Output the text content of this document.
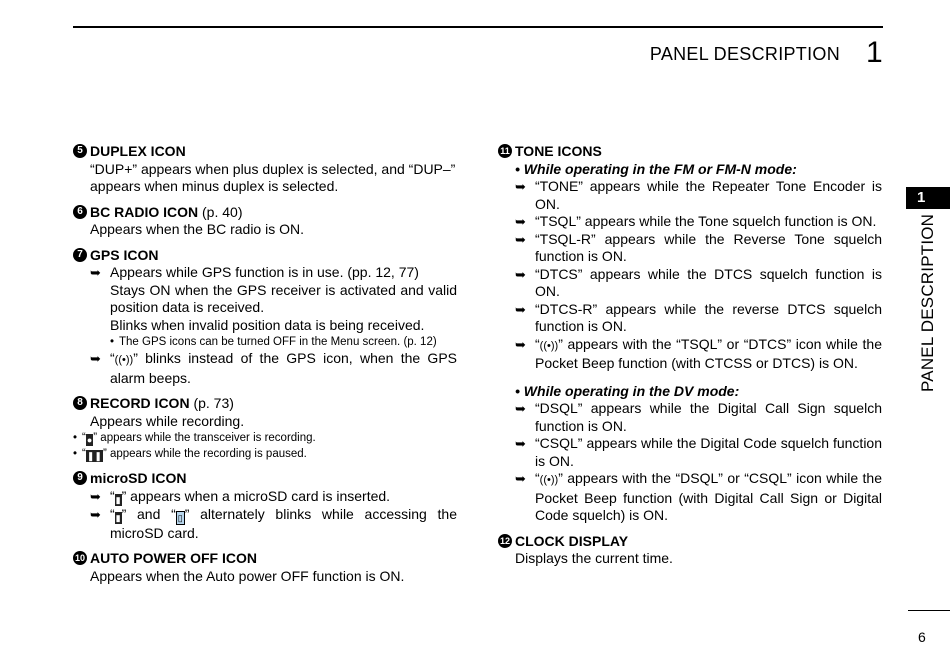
PANEL DESCRIPTION 1
1
PANEL DESCRIPTION
6
5 DUPLEX ICON

“DUP+” appears when plus duplex is selected, and “DUP–” appears when minus duplex is selected.

6 BC RADIO ICON (p. 40)

Appears when the BC radio is ON.

7 GPS ICON
➥ Appears while GPS function is in use. (pp. 12, 77)

Stays ON when the GPS receiver is activated and valid position data is received.

Blinks when invalid position data is being received.

• The GPS icons can be turned OFF in the Menu screen. (p. 12)
➥ “((•))” blinks instead of the GPS icon, when the GPS alarm beeps.

8 RECORD ICON (p. 73)

Appears while recording.

• “●” appears while the transceiver is recording.
• “❚❚” appears while the recording is paused.
9 microSD ICON
➥ “▮” appears when a microSD card is inserted.

➥ “▮” and “ ▯ ” alternately blinks while accessing the microSD card.

10 AUTO POWER OFF ICON

Appears when the Auto power OFF function is ON.

11 TONE ICONS

• While operating in the FM or FM-N mode:

➥ “TONE” appears while the Repeater Tone Encoder is ON.
➥ “TSQL” appears while the Tone squelch function is ON.
➥ “TSQL-R” appears while the Reverse Tone squelch function is ON.
➥ “DTCS” appears while the DTCS squelch function is ON.
➥ “DTCS-R” appears while the reverse DTCS squelch function is ON.
➥ “((•))” appears with the “TSQL” or “DTCS” icon while the Pocket Beep function (with CTCSS or DTCS) is ON.

• While operating in the DV mode:

➥ “DSQL” appears while the Digital Call Sign squelch function is ON.
➥ “CSQL” appears while the Digital Code squelch function is ON.
➥ “((•))” appears with the “DSQL” or “CSQL” icon while the Pocket Beep function (with Digital Call Sign or Digital Code squelch) is ON.
12 CLOCK DISPLAY

Displays the current time.
